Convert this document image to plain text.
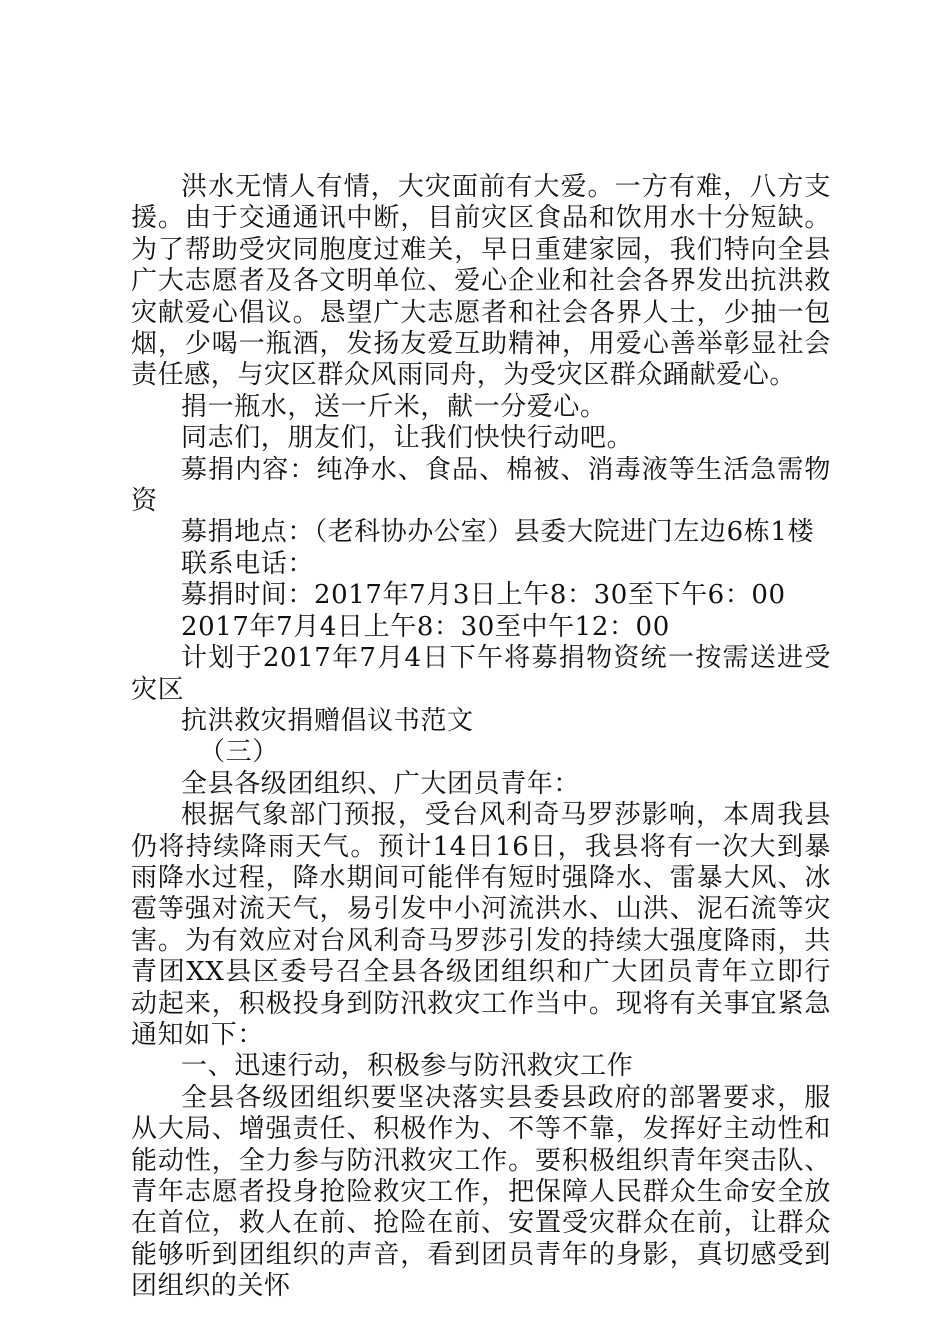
洪水无情人有情，大灾面前有大爱。一方有难，八方支援。由于交通通讯中断，目前灾区食品和饮用水十分短缺。为了帮助受灾同胞度过难关，早日重建家园，我们特向全县广大志愿者及各文明单位、爱心企业和社会各界发出抗洪救灾献爱心倡议。恳望广大志愿者和社会各界人士，少抽一包烟，少喝一瓶酒，发扬友爱互助精神，用爱心善举彰显社会责任感，与灾区群众风雨同舟，为受灾区群众踊献爱心。

捐一瓶水，送一斤米，献一分爱心。

同志们，朋友们，让我们快快行动吧。

募捐内容：纯净水、食品、棉被、消毒液等生活急需物资

募捐地点：（老科协办公室）县委大院进门左边6栋1楼

联系电话：

募捐时间：2017年7月3日上午8：30至下午6：00

2017年7月4日上午8：30至中午12：00

计划于2017年7月4日下午将募捐物资统一按需送进受灾区

抗洪救灾捐赠倡议书范文

（三）

全县各级团组织、广大团员青年：

根据气象部门预报，受台风利奇马罗莎影响，本周我县仍将持续降雨天气。预计14日16日，我县将有一次大到暴雨降水过程，降水期间可能伴有短时强降水、雷暴大风、冰雹等强对流天气，易引发中小河流洪水、山洪、泥石流等灾害。为有效应对台风利奇马罗莎引发的持续大强度降雨，共青团XX县区委号召全县各级团组织和广大团员青年立即行动起来，积极投身到防汛救灾工作当中。现将有关事宜紧急通知如下：

一、迅速行动，积极参与防汛救灾工作

全县各级团组织要坚决落实县委县政府的部署要求，服从大局、增强责任、积极作为、不等不靠，发挥好主动性和能动性，全力参与防汛救灾工作。要积极组织青年突击队、青年志愿者投身抢险救灾工作，把保障人民群众生命安全放在首位，救人在前、抢险在前、安置受灾群众在前，让群众能够听到团组织的声音，看到团员青年的身影，真切感受到团组织的关怀
